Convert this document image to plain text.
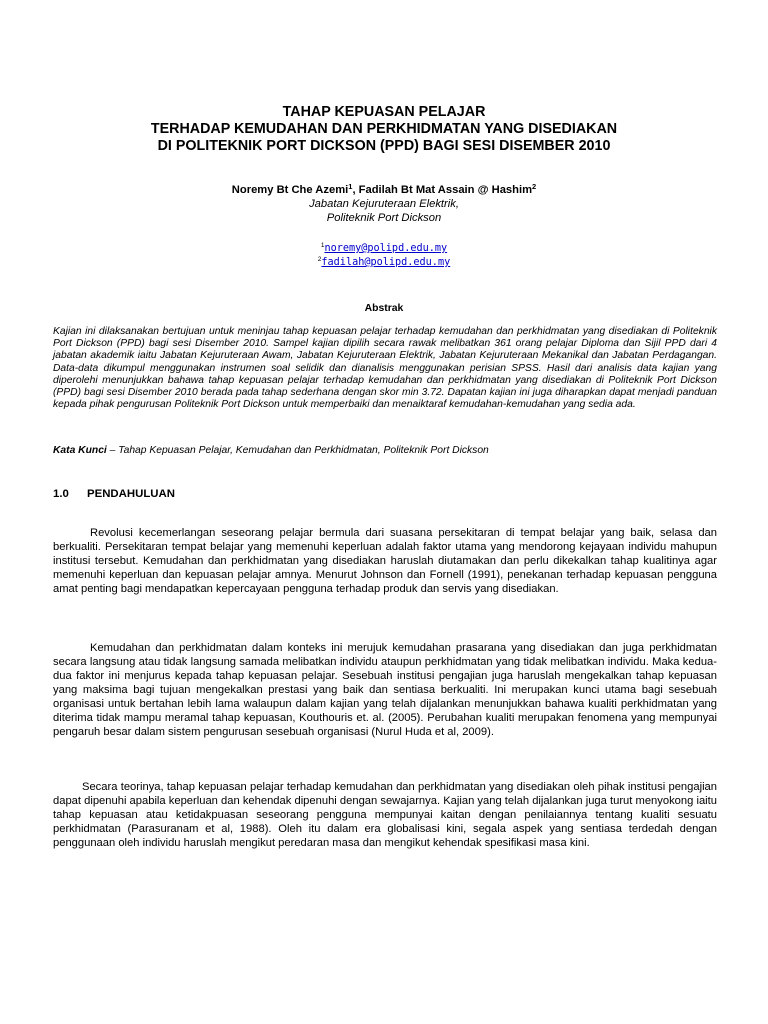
TAHAP KEPUASAN PELAJAR
TERHADAP KEMUDAHAN DAN PERKHIDMATAN YANG DISEDIAKAN
DI POLITEKNIK PORT DICKSON (PPD) BAGI SESI DISEMBER 2010
Noremy Bt Che Azemi$^1$, Fadilah Bt Mat Assain @ Hashim$^2$
Jabatan Kejuruteraan Elektrik,
Politeknik Port Dickson
$^1$noremy@polipd.edu.my
$^2$fadilah@polipd.edu.my
Abstrak
Kajian ini dilaksanakan bertujuan untuk meninjau tahap kepuasan pelajar terhadap kemudahan dan perkhidmatan yang disediakan di Politeknik Port Dickson (PPD) bagi sesi Disember 2010. Sampel kajian dipilih secara rawak melibatkan 361 orang pelajar Diploma dan Sijil PPD dari 4 jabatan akademik iaitu Jabatan Kejuruteraan Awam, Jabatan Kejuruteraan Elektrik, Jabatan Kejuruteraan Mekanikal dan Jabatan Perdagangan. Data-data dikumpul menggunakan instrumen soal selidik dan dianalisis menggunakan perisian SPSS. Hasil dari analisis data kajian yang diperolehi menunjukkan bahawa tahap kepuasan pelajar terhadap kemudahan dan perkhidmatan yang disediakan di Politeknik Port Dickson (PPD) bagi sesi Disember 2010 berada pada tahap sederhana dengan skor min 3.72. Dapatan kajian ini juga diharapkan dapat menjadi panduan kepada pihak pengurusan Politeknik Port Dickson untuk memperbaiki dan menaiktaraf kemudahan-kemudahan yang sedia ada.
Kata Kunci – Tahap Kepuasan Pelajar, Kemudahan dan Perkhidmatan, Politeknik Port Dickson
1.0 PENDAHULUAN
Revolusi kecemerlangan seseorang pelajar bermula dari suasana persekitaran di tempat belajar yang baik, selasa dan berkualiti. Persekitaran tempat belajar yang memenuhi keperluan adalah faktor utama yang mendorong kejayaan individu mahupun institusi tersebut. Kemudahan dan perkhidmatan yang disediakan haruslah diutamakan dan perlu dikekalkan tahap kualitinya agar memenuhi keperluan dan kepuasan pelajar amnya. Menurut Johnson dan Fornell (1991), penekanan terhadap kepuasan pengguna amat penting bagi mendapatkan kepercayaan pengguna terhadap produk dan servis yang disediakan.
Kemudahan dan perkhidmatan dalam konteks ini merujuk kemudahan prasarana yang disediakan dan juga perkhidmatan secara langsung atau tidak langsung samada melibatkan individu ataupun perkhidmatan yang tidak melibatkan individu. Maka kedua-dua faktor ini menjurus kepada tahap kepuasan pelajar. Sesebuah institusi pengajian juga haruslah mengekalkan tahap kepuasan yang maksima bagi tujuan mengekalkan prestasi yang baik dan sentiasa berkualiti. Ini merupakan kunci utama bagi sesebuah organisasi untuk bertahan lebih lama walaupun dalam kajian yang telah dijalankan menunjukkan bahawa kualiti perkhidmatan yang diterima tidak mampu meramal tahap kepuasan, Kouthouris et. al. (2005). Perubahan kualiti merupakan fenomena yang mempunyai pengaruh besar dalam sistem pengurusan sesebuah organisasi (Nurul Huda et al, 2009).
Secara teorinya, tahap kepuasan pelajar terhadap kemudahan dan perkhidmatan yang disediakan oleh pihak institusi pengajian dapat dipenuhi apabila keperluan dan kehendak dipenuhi dengan sewajarnya. Kajian yang telah dijalankan juga turut menyokong iaitu tahap kepuasan atau ketidakpuasan seseorang pengguna mempunyai kaitan dengan penilaiannya tentang kualiti sesuatu perkhidmatan (Parasuranam et al, 1988). Oleh itu dalam era globalisasi kini, segala aspek yang sentiasa terdedah dengan penggunaan oleh individu haruslah mengikut peredaran masa dan mengikut kehendak spesifikasi masa kini.
